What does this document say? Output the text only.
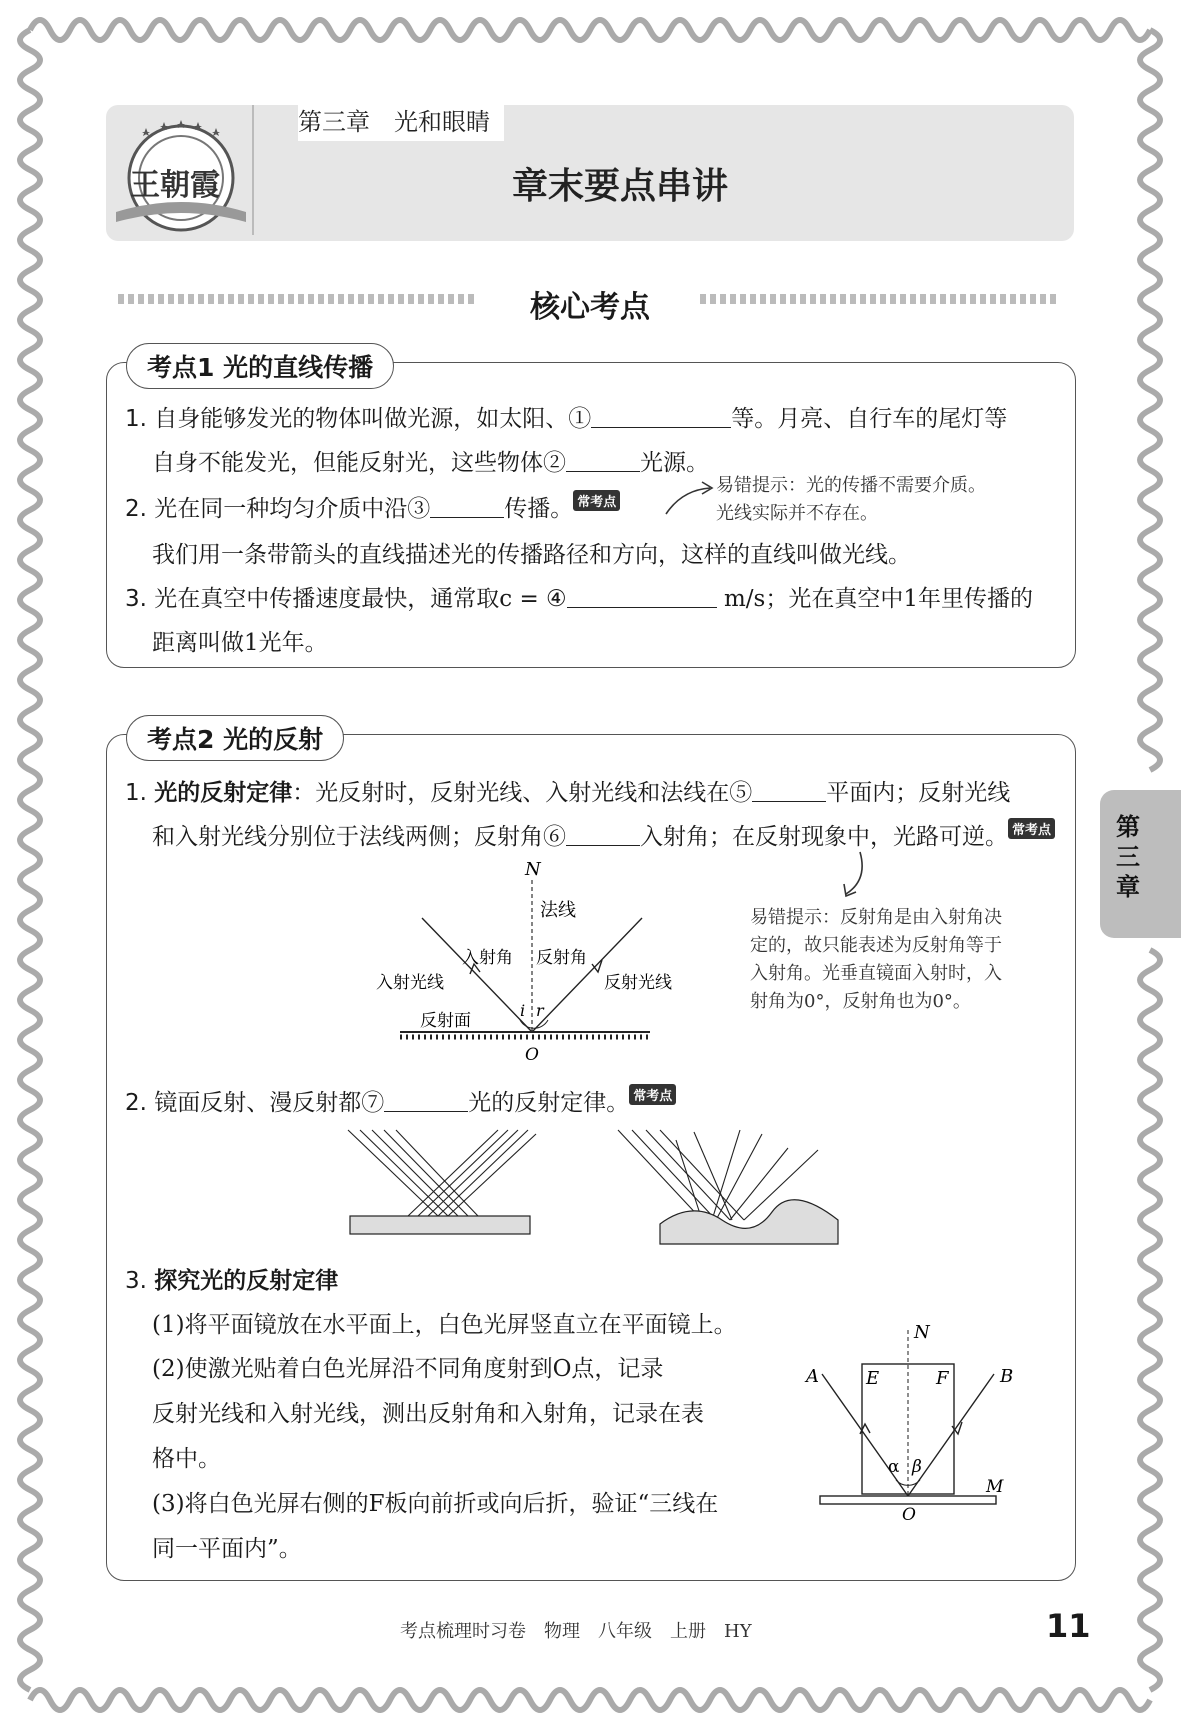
王朝霞
第三章　光和眼睛
章末要点串讲
核心考点
考点1 光的直线传播
1. 自身能够发光的物体叫做光源，如太阳、①	等。月亮、自行车的尾灯等
自身不能发光，但能反射光，这些物体②	光源。
2. 光在同一种均匀介质中沿③	传播。 常考点
易错提示：光的传播不需要介质。
光线实际并不存在。
我们用一条带箭头的直线描述光的传播路径和方向，这样的直线叫做光线。
3. 光在真空中传播速度最快，通常取c = ④	m/s；光在真空中1年里传播的
距离叫做1光年。
考点2 光的反射
1. 光的反射定律：光反射时，反射光线、入射光线和法线在⑤	平面内；反射光线
和入射光线分别位于法线两侧；反射角⑥	入射角；在反射现象中，光路可逆。 常考点
N
法线
入射角 反射角
入射光线	反射光线
反射面
i r
O
易错提示：反射角是由入射角决
定的，故只能表述为反射角等于
入射角。光垂直镜面入射时，入
射角为0°，反射角也为0°。
2. 镜面反射、漫反射都⑦	光的反射定律。 常考点
3. 探究光的反射定律
(1)将平面镜放在水平面上，白色光屏竖直立在平面镜上。
(2)使激光贴着白色光屏沿不同角度射到O点，记录
反射光线和入射光线，测出反射角和入射角，记录在表
格中。
(3)将白色光屏右侧的F板向前折或向后折，验证“三线在
同一平面内”。
N
A	B
E	F
α β
M
O
第
三
章
考点梳理时习卷　物理　八年级　上册　HY	11
